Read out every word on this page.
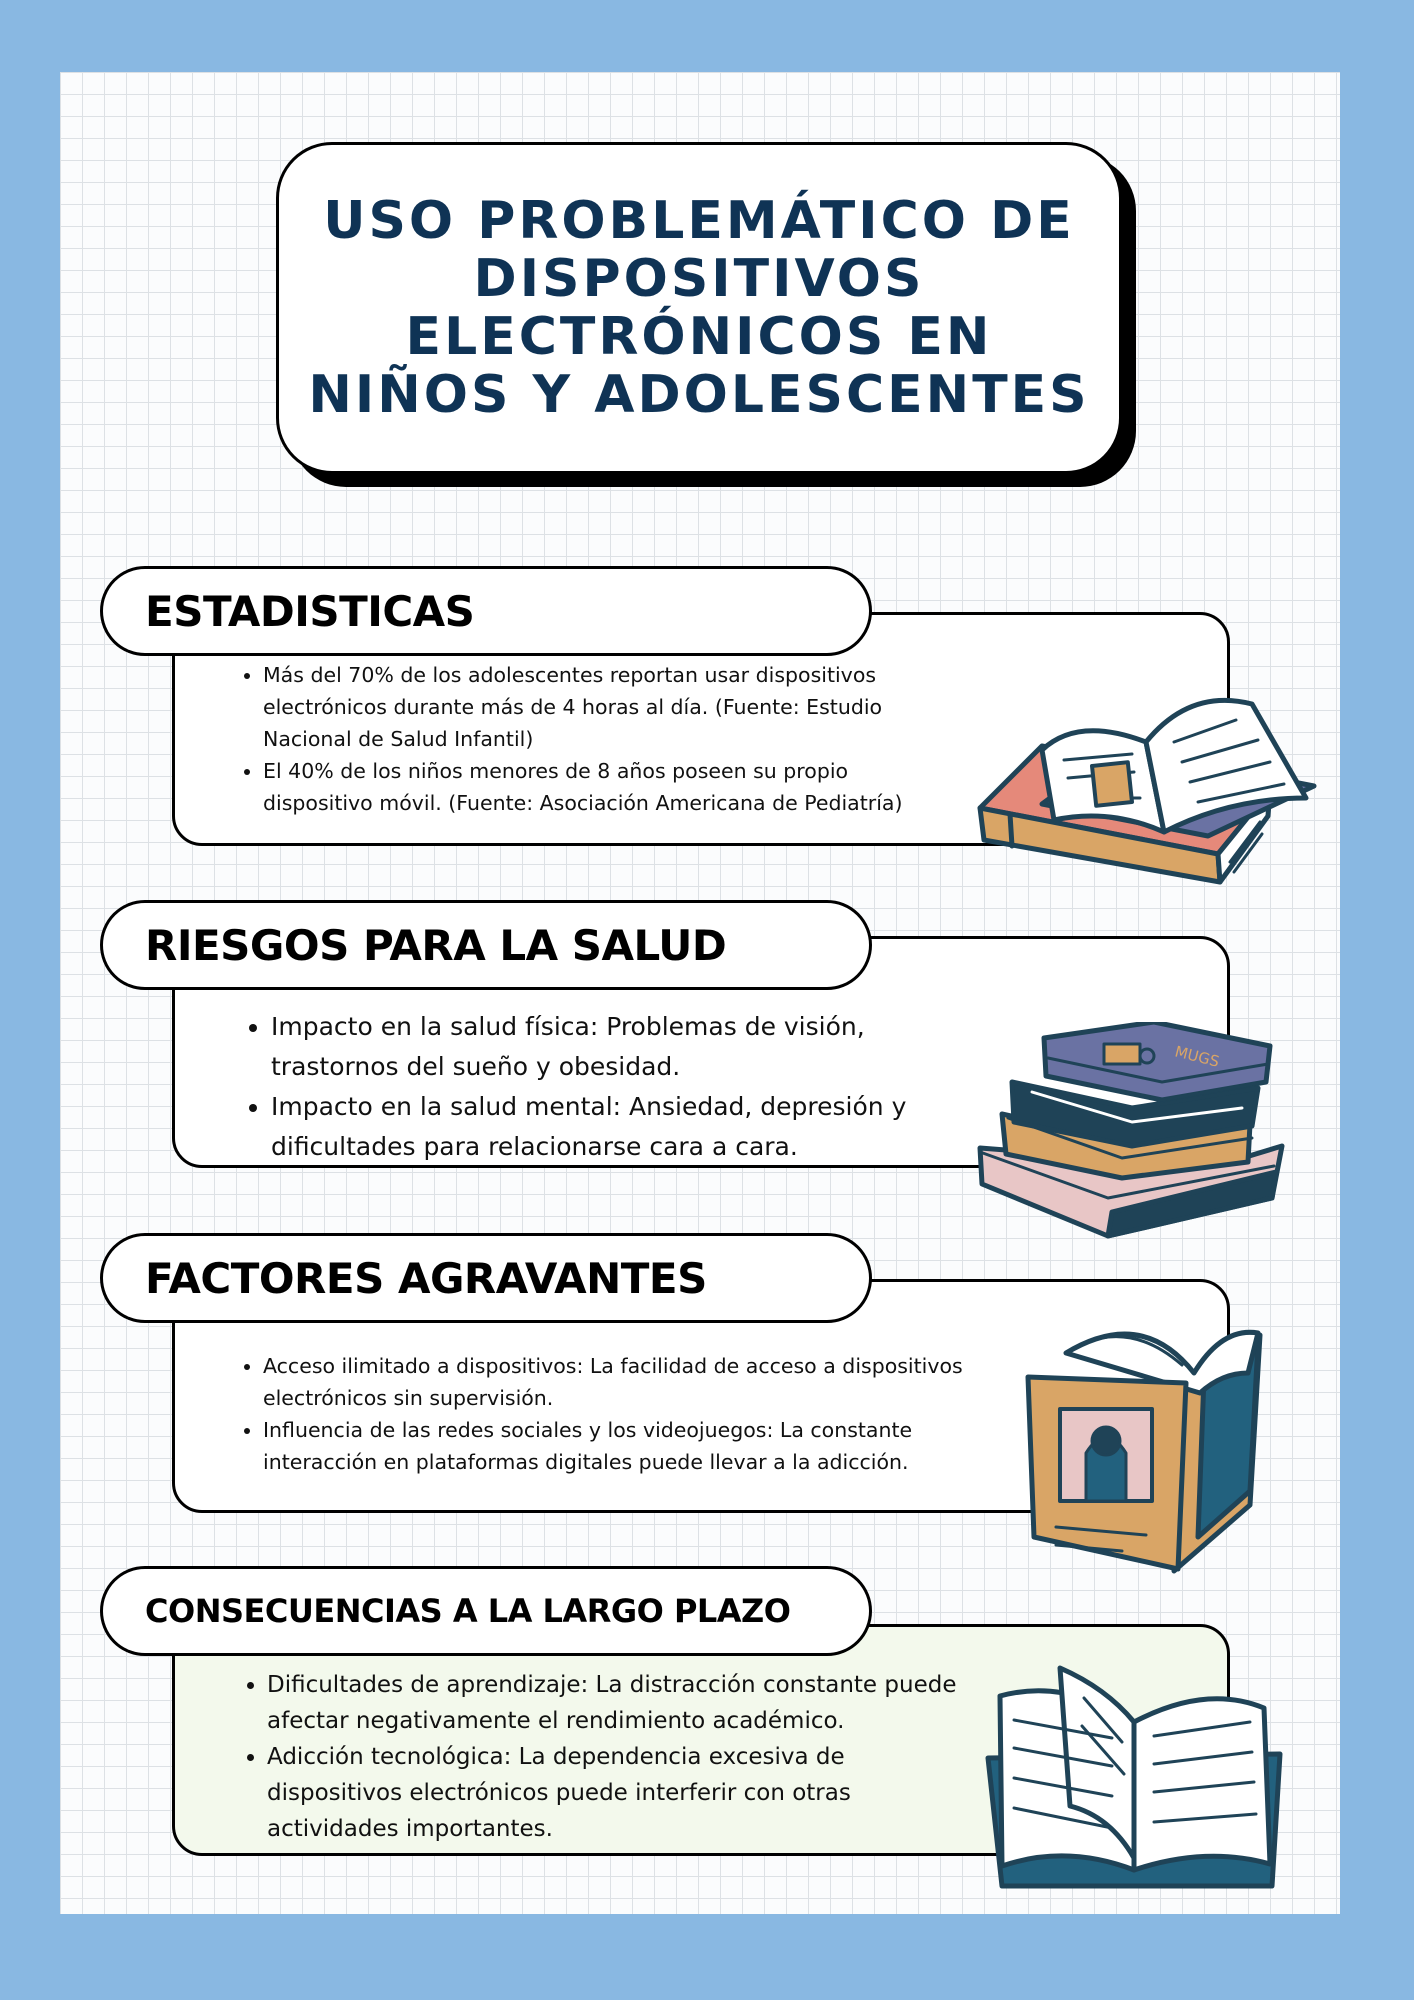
USO PROBLEMÁTICO DE
DISPOSITIVOS
ELECTRÓNICOS EN
NIÑOS Y ADOLESCENTES
• Más del 70% de los adolescentes reportan usar dispositivos electrónicos durante más de 4 horas al día. (Fuente: Estudio Nacional de Salud Infantil)
• El 40% de los niños menores de 8 años poseen su propio dispositivo móvil. (Fuente: Asociación Americana de Pediatría)
ESTADISTICAS
• Impacto en la salud física: Problemas de visión, trastornos del sueño y obesidad.
• Impacto en la salud mental: Ansiedad, depresión y dificultades para relacionarse cara a cara.
RIESGOS PARA LA SALUD
MUGS
• Acceso ilimitado a dispositivos: La facilidad de acceso a dispositivos electrónicos sin supervisión.
• Influencia de las redes sociales y los videojuegos: La constante interacción en plataformas digitales puede llevar a la adicción.
FACTORES AGRAVANTES
• Dificultades de aprendizaje: La distracción constante puede afectar negativamente el rendimiento académico.
• Adicción tecnológica: La dependencia excesiva de dispositivos electrónicos puede interferir con otras actividades importantes.
CONSECUENCIAS A LA LARGO PLAZO
